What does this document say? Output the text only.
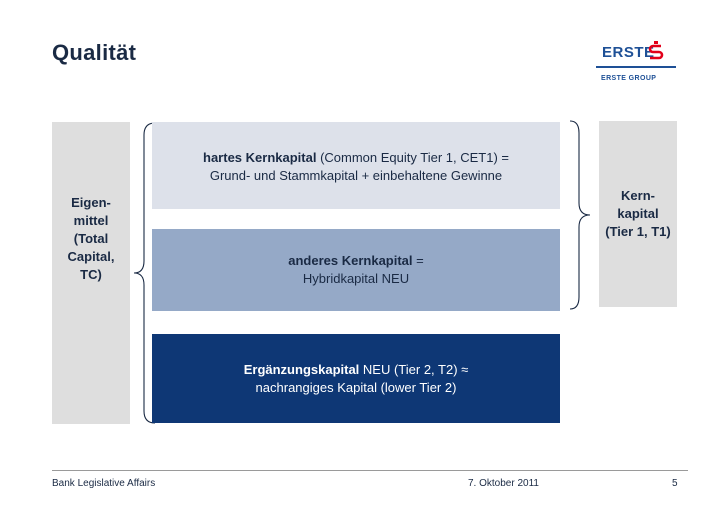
Qualität	ERSTE
ERSTE GROUP
Eigen-
mittel
(Total
Capital,
TC)
hartes Kernkapital (Common Equity Tier 1, CET1) =
Grund- und Stammkapital + einbehaltene Gewinne
anderes Kernkapital =
Hybridkapital NEU
Ergänzungskapital NEU (Tier 2, T2) ≈
nachrangiges Kapital (lower Tier 2)
Kern-
kapital
(Tier 1, T1)
Bank Legislative Affairs	7. Oktober 2011	5
